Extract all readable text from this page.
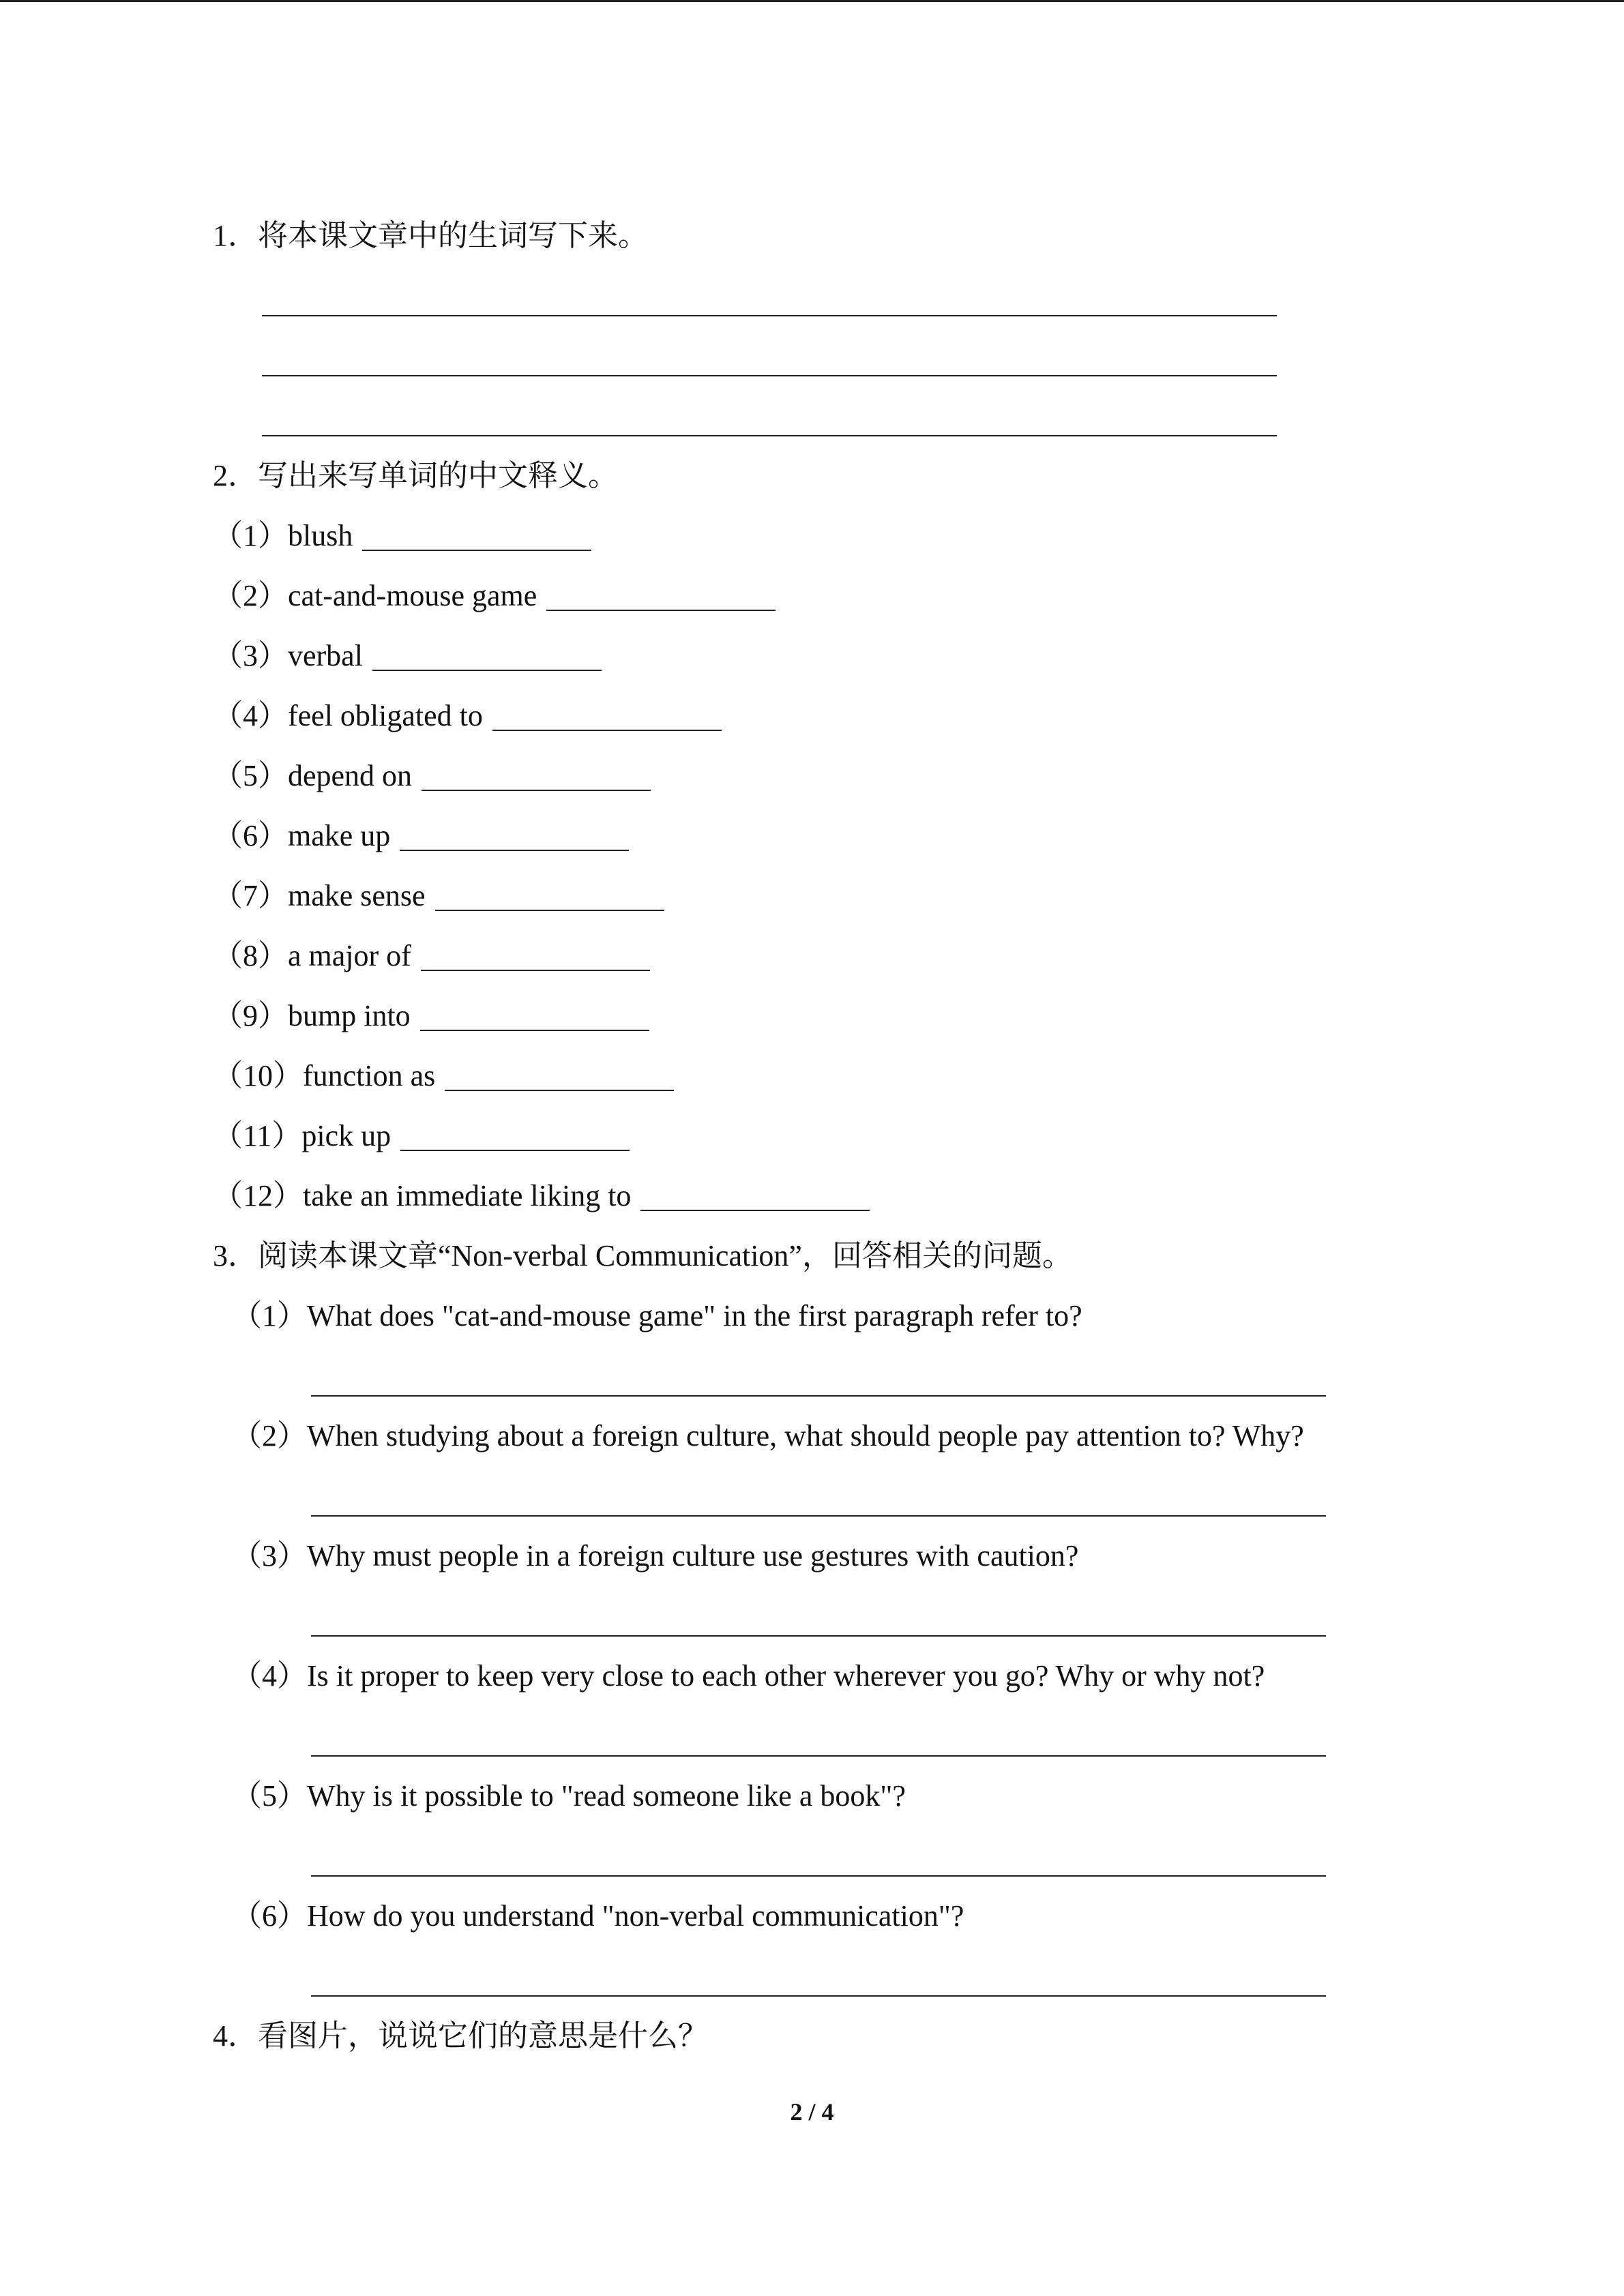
1．将本课文章中的生词写下来。
2．写出来写单词的中文释义。
（1）blush
（2）cat-and-mouse game
（3）verbal
（4）feel obligated to
（5）depend on
（6）make up
（7）make sense
（8）a major of
（9）bump into
（10）function as
（11）pick up
（12）take an immediate liking to
3．阅读本课文章“Non-verbal Communication”，回答相关的问题。
（1）What does "cat-and-mouse game" in the first paragraph refer to?
（2）When studying about a foreign culture, what should people pay attention to? Why?
（3）Why must people in a foreign culture use gestures with caution?
（4）Is it proper to keep very close to each other wherever you go? Why or why not?
（5）Why is it possible to "read someone like a book"?
（6）How do you understand "non-verbal communication"?
4．看图片，说说它们的意思是什么？
2 / 4
